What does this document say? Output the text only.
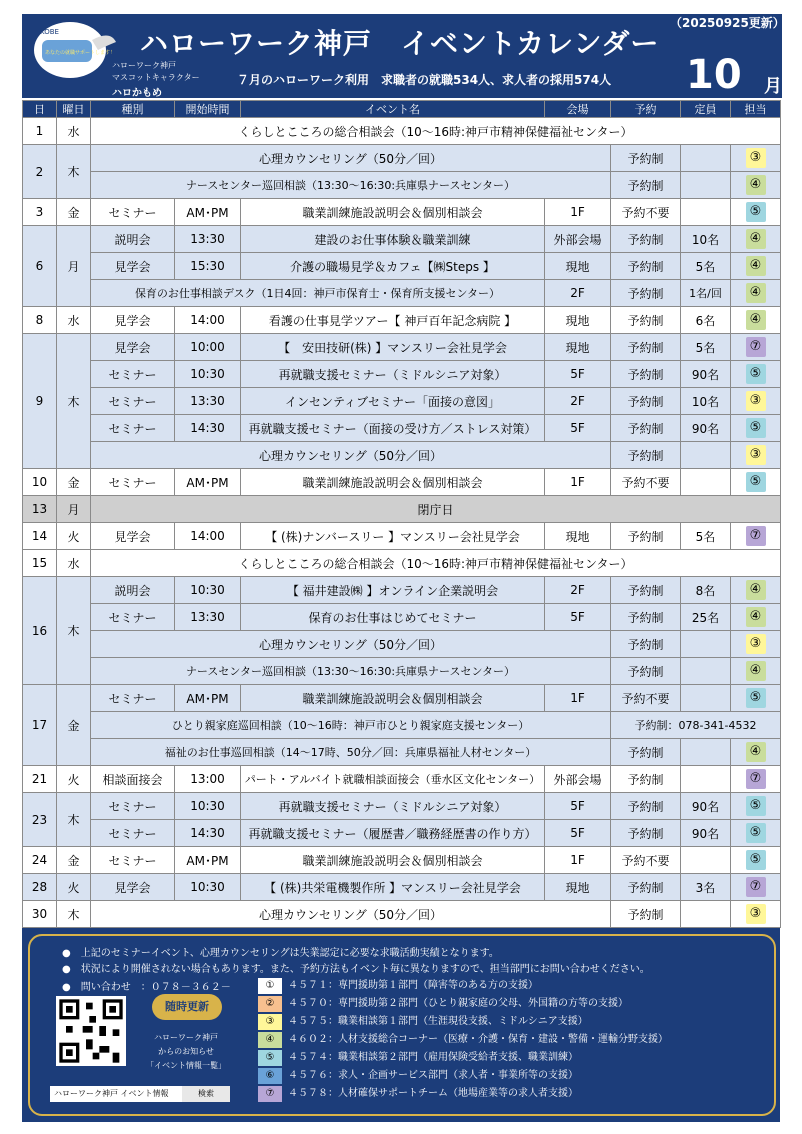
KOBE
あなたの就職サポートします！ ハローワーク神戸　イベントカレンダー
（20250925更新）
ハローワーク神戸
マスコットキャラクター
ハロかもめ
７月のハローワーク利用　求職者の就職534人、求人者の採用574人 10 月
日	曜日	種別	開始時間	イベント名	会場	予約	定員	担当	
1	水	くらしとこころの総合相談会（10～16時:神戸市精神保健福祉センター）							
2	木	心理カウンセリング（50分／回）				予約制		③	
		ナースセンター巡回相談（13:30～16:30:兵庫県ナースセンター）				予約制		④	
3	金	セミナー	AM･PM	職業訓練施設説明会＆個別相談会	1F	予約不要		⑤	
6	月	説明会	13:30	建設のお仕事体験＆職業訓練	外部会場	予約制	10名	④	
		見学会	15:30	介護の職場見学＆カフェ【㈱Steps 】	現地	予約制	5名	④	
		保育のお仕事相談デスク（1日4回：神戸市保育士・保育所支援センター）			2F	予約制	1名/回	④	
8	水	見学会	14:00	看護の仕事見学ツアー【 神戸百年記念病院 】	現地	予約制	6名	④	
9	木	見学会	10:00	【　安田技研(株) 】マンスリー会社見学会	現地	予約制	5名	⑦	
		セミナー	10:30	再就職支援セミナー（ミドルシニア対象）	5F	予約制	90名	⑤	
		セミナー	13:30	インセンティブセミナー「面接の意図」	2F	予約制	10名	③	
		セミナー	14:30	再就職支援セミナー（面接の受け方／ストレス対策）	5F	予約制	90名	⑤	
		心理カウンセリング（50分／回）				予約制		③	
10	金	セミナー	AM･PM	職業訓練施設説明会＆個別相談会	1F	予約不要		⑤	
13	月	閉庁日							
14	火	見学会	14:00	【 (株)ナンバースリー 】マンスリー会社見学会	現地	予約制	5名	⑦	
15	水	くらしとこころの総合相談会（10～16時:神戸市精神保健福祉センター）							
16	木	説明会	10:30	【 福井建設㈱ 】オンライン企業説明会	2F	予約制	8名	④	
		セミナー	13:30	保育のお仕事はじめてセミナー	5F	予約制	25名	④	
		心理カウンセリング（50分／回）				予約制		③	
		ナースセンター巡回相談（13:30～16:30:兵庫県ナースセンター）				予約制		④	
17	金	セミナー	AM･PM	職業訓練施設説明会＆個別相談会	1F	予約不要		⑤	
		ひとり親家庭巡回相談（10～16時：神戸市ひとり親家庭支援センター）				予約制：078-341-4532	
		福祉のお仕事巡回相談（14～17時、50分／回：兵庫県福祉人材センター）				予約制		④	
21	火	相談面接会	13:00	パート・アルバイト就職相談面接会（垂水区文化センター）	外部会場	予約制		⑦	
23	木	セミナー	10:30	再就職支援セミナー（ミドルシニア対象）	5F	予約制	90名	⑤	
		セミナー	14:30	再就職支援セミナー（履歴書／職務経歴書の作り方）	5F	予約制	90名	⑤	
24	金	セミナー	AM･PM	職業訓練施設説明会＆個別相談会	1F	予約不要		⑤	
28	火	見学会	10:30	【 (株)共栄電機製作所 】マンスリー会社見学会	現地	予約制	3名	⑦	
30	木	心理カウンセリング（50分／回）				予約制		③	
●　上記のセミナーイベント、心理カウンセリングは失業認定に必要な求職活動実績となります。
●　状況により開催されない場合もあります。また、予約方法もイベント毎に異なりますので、担当部門にお問い合わせください。
●　問い合わせ　：０７８－３６２－
随時更新
ハローワーク神戸
からのお知らせ
「イベント情報一覧」
ハローワーク神戸 イベント情報	検索
①	４５７１：専門援助第１部門（障害等のある方の支援）
②	４５７０：専門援助第２部門（ひとり親家庭の父母、外国籍の方等の支援）
③	４５７５：職業相談第１部門（生涯現役支援、ミドルシニア支援）
④	４６０２：人材支援総合コーナー（医療・介護・保育・建設・警備・運輸分野支援）
⑤	４５７４：職業相談第２部門（雇用保険受給者支援、職業訓練）
⑥	４５７６：求人・企画サービス部門（求人者・事業所等の支援）
⑦	４５７８：人材確保サポートチーム（地場産業等の求人者支援）
